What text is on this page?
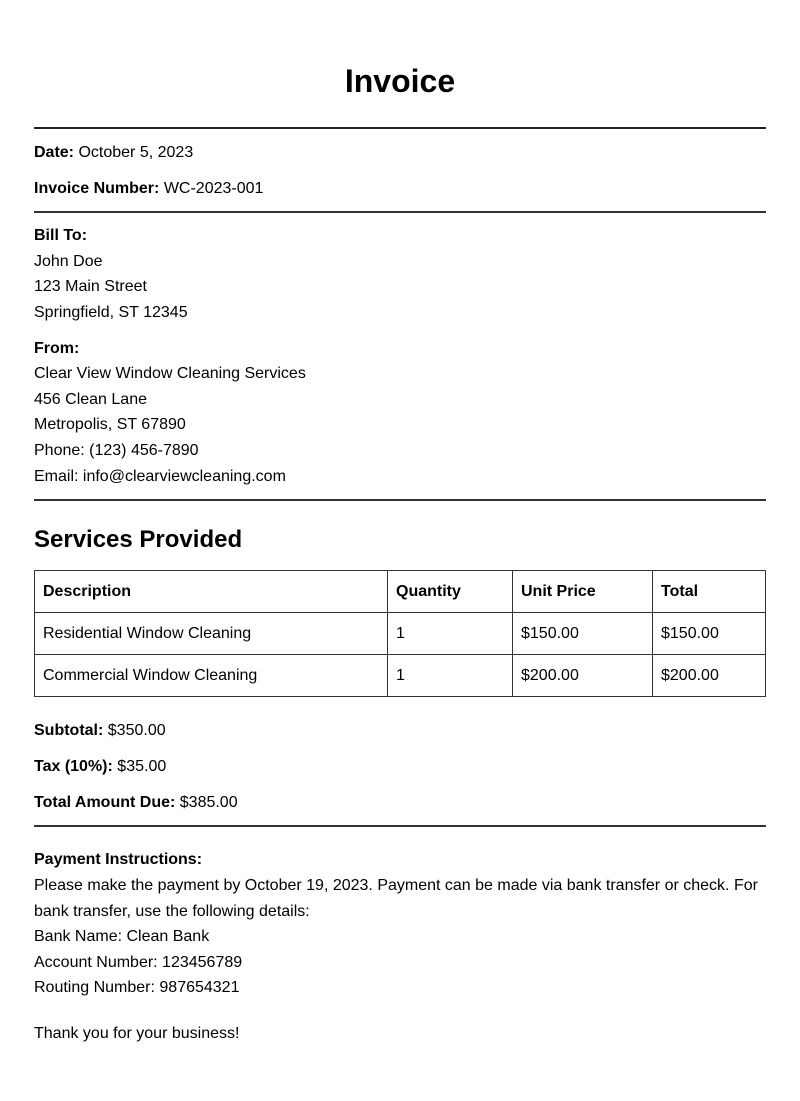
Invoice
Date: October 5, 2023
Invoice Number: WC-2023-001
Bill To:
John Doe
123 Main Street
Springfield, ST 12345
From:
Clear View Window Cleaning Services
456 Clean Lane
Metropolis, ST 67890
Phone: (123) 456-7890
Email: info@clearviewcleaning.com
Services Provided
Description	Quantity	Unit Price	Total
Residential Window Cleaning	1	$150.00	$150.00
Commercial Window Cleaning	1	$200.00	$200.00
Subtotal: $350.00
Tax (10%): $35.00
Total Amount Due: $385.00
Payment Instructions:
Please make the payment by October 19, 2023. Payment can be made via bank transfer or check. For bank transfer, use the following details:
Bank Name: Clean Bank
Account Number: 123456789
Routing Number: 987654321
Thank you for your business!
